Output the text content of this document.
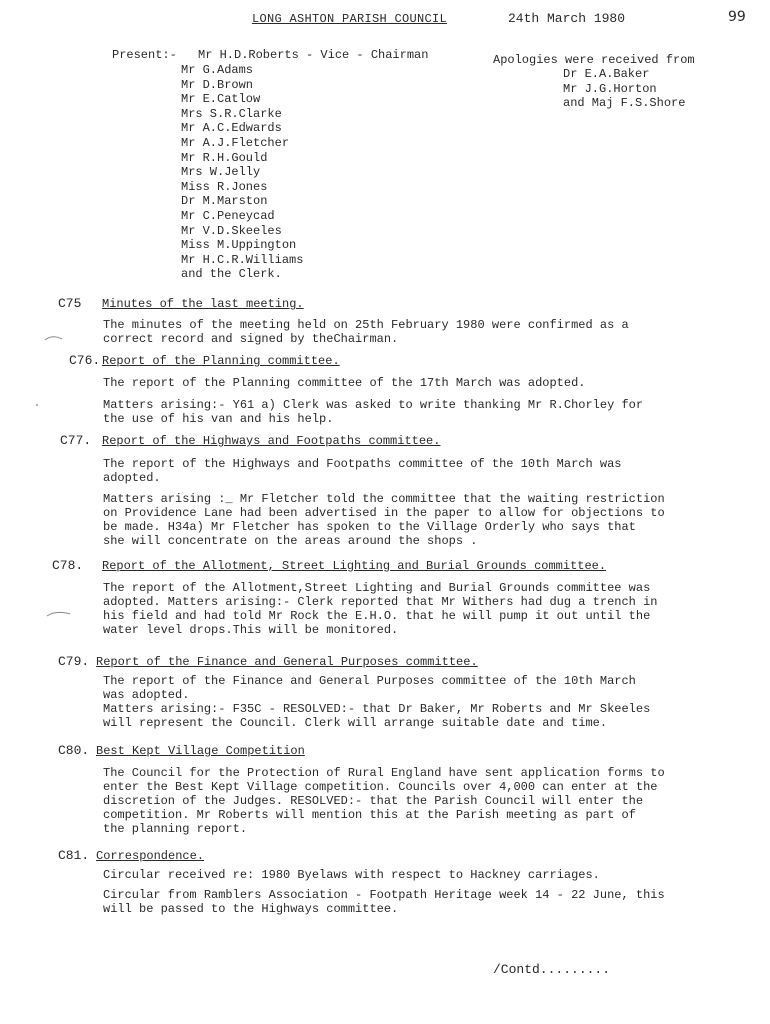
LONG ASHTON PARISH COUNCIL	24th March 1980	99
Present:- Mr H.D.Roberts - Vice - Chairman
Mr G.Adams
Mr D.Brown
Mr E.Catlow
Mrs S.R.Clarke
Mr A.C.Edwards
Mr A.J.Fletcher
Mr R.H.Gould
Mrs W.Jelly
Miss R.Jones
Dr M.Marston
Mr C.Peneycad
Mr V.D.Skeeles
Miss M.Uppington
Mr H.C.R.Williams
and the Clerk.
Apologies were received from
Dr E.A.Baker
Mr J.G.Horton
and Maj F.S.Shore
C75 Minutes of the last meeting.
The minutes of the meeting held on 25th February 1980 were confirmed as a
correct record and signed by theChairman.
C76. Report of the Planning committee.
The report of the Planning committee of the 17th March was adopted.
Matters arising:- Y61 a) Clerk was asked to write thanking Mr R.Chorley for
the use of his van and his help.
C77. Report of the Highways and Footpaths committee.
The report of the Highways and Footpaths committee of the 10th March was
adopted.
Matters arising :_ Mr Fletcher told the committee that the waiting restriction
on Providence Lane had been advertised in the paper to allow for objections to
be made. H34a) Mr Fletcher has spoken to the Village Orderly who says that
she will concentrate on the areas around the shops .
C78. Report of the Allotment, Street Lighting and Burial Grounds committee.
The report of the Allotment,Street Lighting and Burial Grounds committee was
adopted. Matters arising:- Clerk reported that Mr Withers had dug a trench in
his field and had told Mr Rock the E.H.O. that he will pump it out until the
water level drops.This will be monitored.
C79. Report of the Finance and General Purposes committee.
The report of the Finance and General Purposes committee of the 10th March
was adopted.
Matters arising:- F35C - RESOLVED:- that Dr Baker, Mr Roberts and Mr Skeeles
will represent the Council. Clerk will arrange suitable date and time.
C80. Best Kept Village Competition
The Council for the Protection of Rural England have sent application forms to
enter the Best Kept Village competition. Councils over 4,000 can enter at the
discretion of the Judges. RESOLVED:- that the Parish Council will enter the
competition. Mr Roberts will mention this at the Parish meeting as part of
the planning report.
C81. Correspondence.
Circular received re: 1980 Byelaws with respect to Hackney carriages.
Circular from Ramblers Association - Footpath Heritage week 14 - 22 June, this
will be passed to the Highways committee.
/Contd.........
